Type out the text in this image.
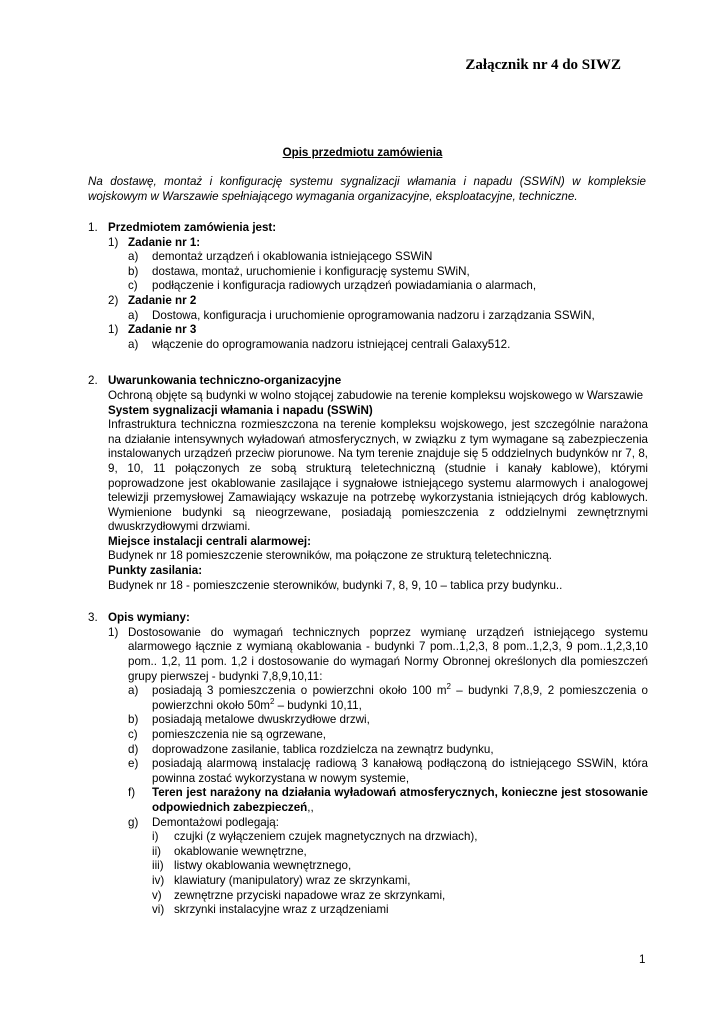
Załącznik nr 4 do SIWZ
Opis przedmiotu zamówienia
Na dostawę, montaż i konfigurację systemu sygnalizacji włamania i napadu (SSWiN) w kompleksie wojskowym w Warszawie spełniającego wymagania organizacyjne, eksploatacyjne, techniczne.
1. Przedmiotem zamówienia jest:
1) Zadanie nr 1:
a) demontaż urządzeń i okablowania istniejącego SSWiN
b) dostawa, montaż, uruchomienie i konfigurację systemu SWiN,
c) podłączenie i konfiguracja radiowych urządzeń powiadamiania o alarmach,
2) Zadanie nr 2
a) Dostowa, konfiguracja i uruchomienie oprogramowania nadzoru i zarządzania SSWiN,
1) Zadanie nr 3
a) włączenie do oprogramowania nadzoru istniejącej centrali Galaxy512.
2. Uwarunkowania techniczno-organizacyjne
Ochroną objęte są budynki w wolno stojącej zabudowie na terenie kompleksu wojskowego w Warszawie
System sygnalizacji włamania i napadu (SSWiN)
Infrastruktura techniczna rozmieszczona na terenie kompleksu wojskowego, jest szczególnie narażona na działanie intensywnych wyładowań atmosferycznych, w związku z tym wymagane są zabezpieczenia instalowanych urządzeń przeciw piorunowe. Na tym terenie znajduje się 5 oddzielnych budynków nr 7, 8, 9, 10, 11 połączonych ze sobą strukturą teletechniczną (studnie i kanały kablowe), którymi poprowadzone jest okablowanie zasilające i sygnałowe istniejącego systemu alarmowych i analogowej telewizji przemysłowej Zamawiający wskazuje na potrzebę wykorzystania istniejących dróg kablowych. Wymienione budynki są nieogrzewane, posiadają pomieszczenia z oddzielnymi zewnętrznymi dwuskrzydłowymi drzwiami.
Miejsce instalacji centrali alarmowej:
Budynek nr 18 pomieszczenie sterowników, ma połączone ze strukturą teletechniczną.
Punkty zasilania:
Budynek nr 18 - pomieszczenie sterowników, budynki 7, 8, 9, 10 – tablica przy budynku..
3. Opis wymiany:
1) Dostosowanie do wymagań technicznych poprzez wymianę urządzeń istniejącego systemu alarmowego łącznie z wymianą okablowania - budynki 7 pom..1,2,3, 8 pom..1,2,3, 9 pom..1,2,3,10 pom.. 1,2, 11 pom. 1,2 i dostosowanie do wymagań Normy Obronnej określonych dla pomieszczeń grupy pierwszej - budynki 7,8,9,10,11:
a) posiadają 3 pomieszczenia o powierzchni około 100 $m^2$ – budynki 7,8,9, 2 pomieszczenia o powierzchni około $50m^2$ – budynki 10,11,
b) posiadają metalowe dwuskrzydłowe drzwi,
c) pomieszczenia nie są ogrzewane,
d) doprowadzone zasilanie, tablica rozdzielcza na zewnątrz budynku,
e) posiadają alarmową instalację radiową 3 kanałową podłączoną do istniejącego SSWiN, która powinna zostać wykorzystana w nowym systemie,
f) Teren jest narażony na działania wyładowań atmosferycznych, konieczne jest stosowanie odpowiednich zabezpieczeń,,
g) Demontażowi podlegają:
i) czujki (z wyłączeniem czujek magnetycznych na drzwiach),
ii) okablowanie wewnętrzne,
iii) listwy okablowania wewnętrznego,
iv) klawiatury (manipulatory) wraz ze skrzynkami,
v) zewnętrzne przyciski napadowe wraz ze skrzynkami,
vi) skrzynki instalacyjne wraz z urządzeniami
1
